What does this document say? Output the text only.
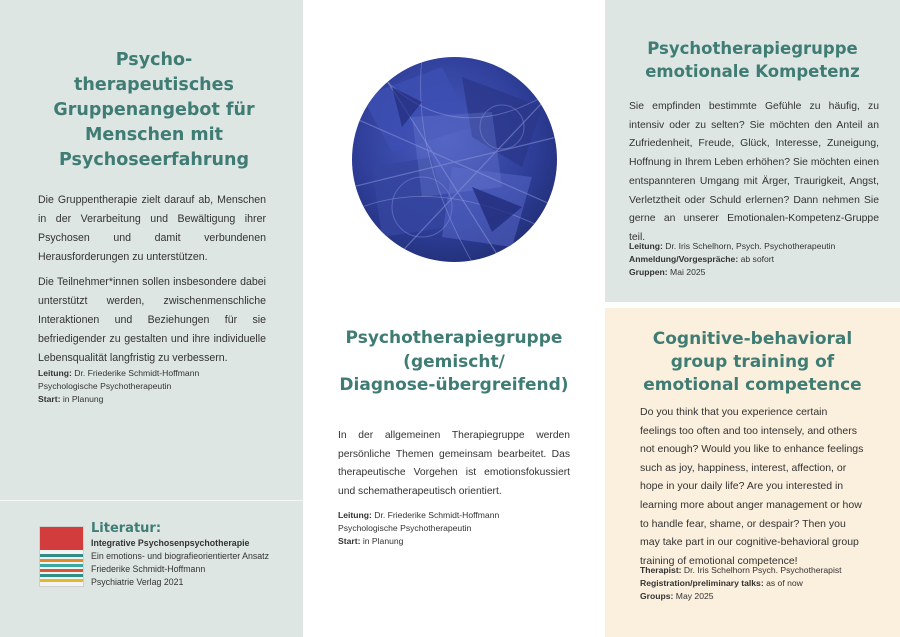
Psycho-
therapeutisches
Gruppenangebot für
Menschen mit
Psychoseerfahrung

Die Gruppentherapie zielt darauf ab, Menschen in der Verarbeitung und Bewältigung ihrer Psychosen und damit verbundenen Herausforderungen zu unterstützen.

Die Teilnehmer*innen sollen insbesondere dabei unterstützt werden, zwischenmenschliche Interaktionen und Beziehungen für sie befriedigender zu gestalten und ihre individuelle Lebensqualität langfristig zu verbessern.

Leitung: Dr. Friederike Schmidt-Hoffmann
Psychologische Psychotherapeutin
Start: in Planung
Literatur:
Integrative Psychosenpsychotherapie
Ein emotions- und biografieorientierter Ansatz
Friederike Schmidt-Hoffmann
Psychiatrie Verlag 2021
Psychotherapiegruppe
(gemischt/
Diagnose-übergreifend)

In der allgemeinen Therapiegruppe werden persönliche Themen gemeinsam bearbeitet. Das therapeutische Vorgehen ist emotionsfokussiert und schematherapeutisch orientiert.

Leitung: Dr. Friederike Schmidt-Hoffmann
Psychologische Psychotherapeutin
Start: in Planung
Psychotherapiegruppe
emotionale Kompetenz

Sie empfinden bestimmte Gefühle zu häufig, zu intensiv oder zu selten? Sie möchten den Anteil an Zufriedenheit, Freude, Glück, Interesse, Zuneigung, Hoffnung in Ihrem Leben erhöhen? Sie möchten einen entspannteren Umgang mit Ärger, Traurigkeit, Angst, Verletztheit oder Schuld erlernen? Dann nehmen Sie gerne an unserer Emotionalen-Kompetenz-Gruppe teil.

Leitung: Dr. Iris Schelhorn, Psych. Psychotherapeutin
Anmeldung/Vorgespräche: ab sofort
Gruppen: Mai 2025
Cognitive-behavioral
group training of
emotional competence

Do you think that you experience certain feelings too often and too intensely, and others not enough? Would you like to enhance feelings such as joy, happiness, interest, affection, or hope in your daily life? Are you interested in learning more about anger management or how to handle fear, shame, or despair? Then you may take part in our cognitive-behavioral group training of emotional competence!

Therapist: Dr. Iris Schelhorn Psych. Psychotherapist
Registration/preliminary talks: as of now
Groups: May 2025
